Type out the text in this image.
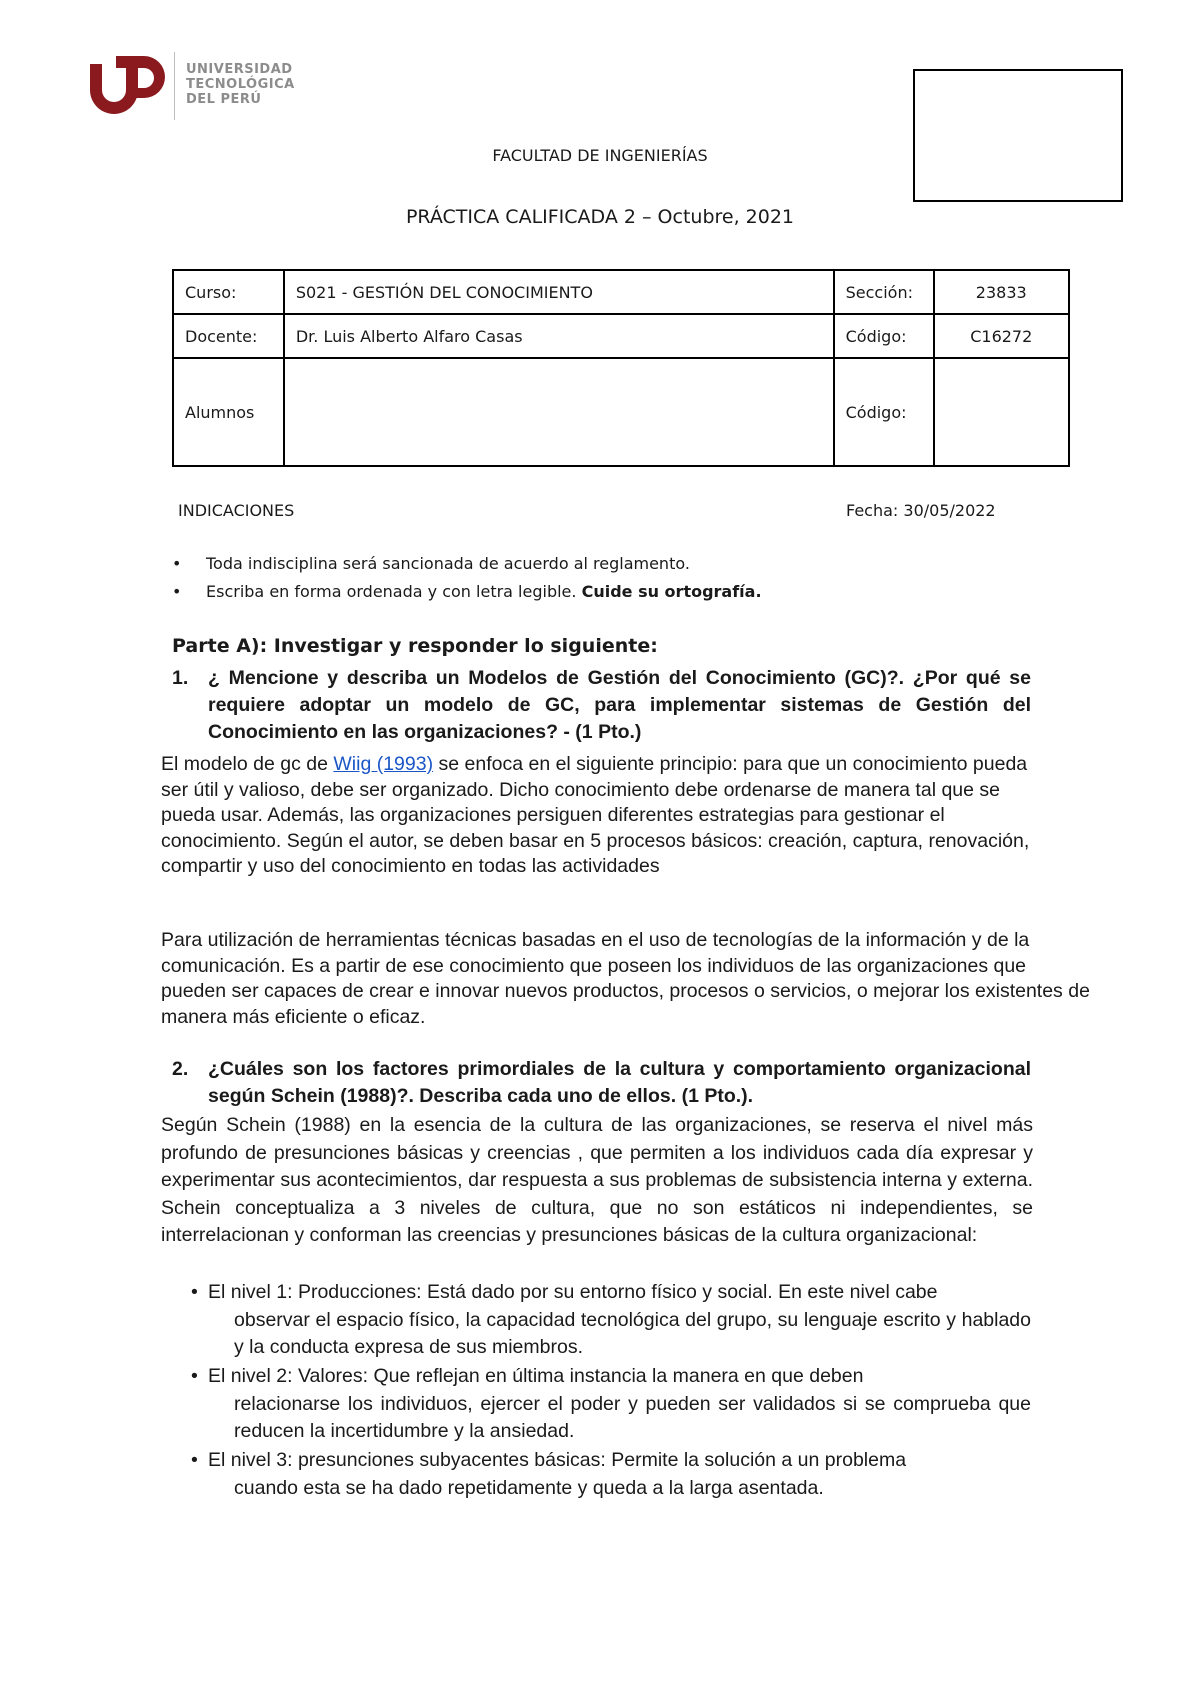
UNIVERSIDAD
TECNOLÓGICA
DEL PERÚ
FACULTAD DE INGENIERÍAS
PRÁCTICA CALIFICADA 2 – Octubre, 2021
Curso:	S021 - GESTIÓN DEL CONOCIMIENTO	Sección:	23833
Docente:	Dr. Luis Alberto Alfaro Casas	Código:	C16272
Alumnos		Código:	
INDICACIONES	Fecha: 30/05/2022
• Toda indisciplina será sancionada de acuerdo al reglamento.
• Escriba en forma ordenada y con letra legible. Cuide su ortografía.
Parte A): Investigar y responder lo siguiente:
1. ¿ Mencione y describa un Modelos de Gestión del Conocimiento (GC)?. ¿Por qué se requiere adoptar un modelo de GC, para implementar sistemas de Gestión del Conocimiento en las organizaciones? - (1 Pto.)
El modelo de gc de Wiig (1993) se enfoca en el siguiente principio: para que un conocimiento pueda ser útil y valioso, debe ser organizado. Dicho conocimiento debe ordenarse de manera tal que se pueda usar. Además, las organizaciones persiguen diferentes estrategias para gestionar el conocimiento. Según el autor, se deben basar en 5 procesos básicos: creación, captura, renovación, compartir y uso del conocimiento en todas las actividades
Para utilización de herramientas técnicas basadas en el uso de tecnologías de la información y de la comunicación. Es a partir de ese conocimiento que poseen los individuos de las organizaciones que pueden ser capaces de crear e innovar nuevos productos, procesos o servicios, o mejorar los existentes de manera más eficiente o eficaz.
2. ¿Cuáles son los factores primordiales de la cultura y comportamiento organizacional según Schein (1988)?. Describa cada uno de ellos. (1 Pto.).
Según Schein (1988) en la esencia de la cultura de las organizaciones, se reserva el nivel más profundo de presunciones básicas y creencias , que permiten a los individuos cada día expresar y experimentar sus acontecimientos, dar respuesta a sus problemas de subsistencia interna y externa. Schein conceptualiza a 3 niveles de cultura, que no son estáticos ni independientes, se interrelacionan y conforman las creencias y presunciones básicas de la cultura organizacional:
• El nivel 1: Producciones: Está dado por su entorno físico y social. En este nivel cabe
observar el espacio físico, la capacidad tecnológica del grupo, su lenguaje escrito y hablado y la conducta expresa de sus miembros.
• El nivel 2: Valores: Que reflejan en última instancia la manera en que deben
relacionarse los individuos, ejercer el poder y pueden ser validados si se comprueba que reducen la incertidumbre y la ansiedad.
• El nivel 3: presunciones subyacentes básicas: Permite la solución a un problema
cuando esta se ha dado repetidamente y queda a la larga asentada.
